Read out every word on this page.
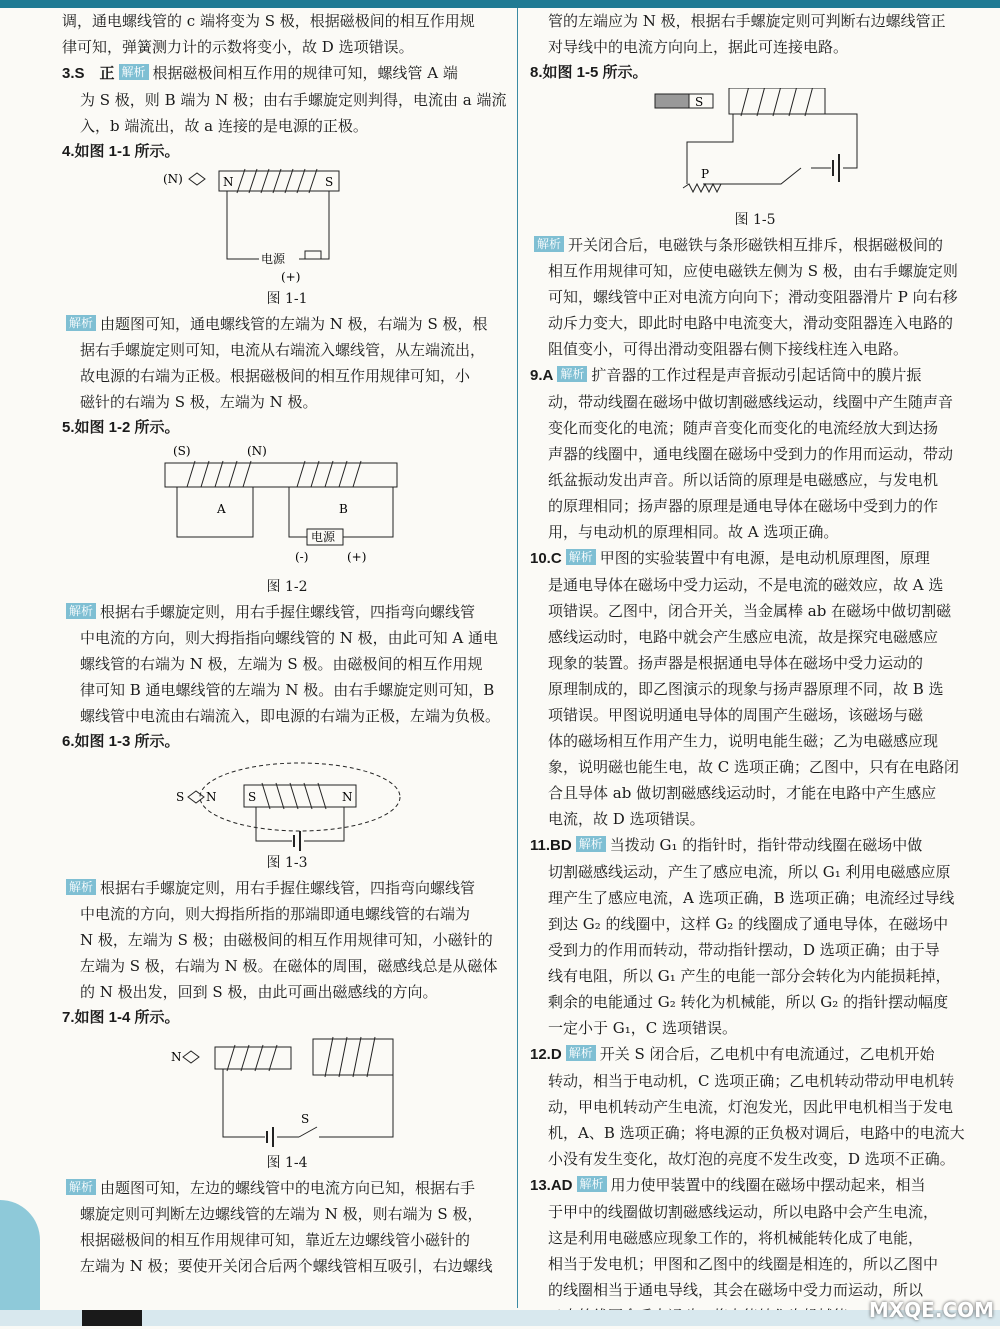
调，通电螺线管的 c 端将变为 S 极，根据磁极间的相互作用规

律可知，弹簧测力计的示数将变小，故 D 选项错误。

3.S　正 解析 根据磁极间相互作用的规律可知，螺线管 A 端

为 S 极，则 B 端为 N 极；由右手螺旋定则判得，电流由 a 端流

入，b 端流出，故 a 连接的是电源的正极。

4.如图 1-1 所示。

(N)	N	S
电源
(+)

图 1-1

解析 由题图可知，通电螺线管的左端为 N 极，右端为 S 极，根

据右手螺旋定则可知，电流从右端流入螺线管，从左端流出，

故电源的右端为正极。根据磁极间的相互作用规律可知，小

磁针的右端为 S 极，左端为 N 极。

5.如图 1-2 所示。

(S)	(N)
A	B
电源
(-)	(+)

图 1-2

解析 根据右手螺旋定则，用右手握住螺线管，四指弯向螺线管

中电流的方向，则大拇指指向螺线管的 N 极，由此可知 A 通电

螺线管的右端为 N 极，左端为 S 极。由磁极间的相互作用规

律可知 B 通电螺线管的左端为 N 极。由右手螺旋定则可知，B

螺线管中电流由右端流入，即电源的右端为正极，左端为负极。

6.如图 1-3 所示。

S N	S	N

图 1-3

解析 根据右手螺旋定则，用右手握住螺线管，四指弯向螺线管

中电流的方向，则大拇指所指的那端即通电螺线管的右端为

N 极，左端为 S 极；由磁极间的相互作用规律可知，小磁针的

左端为 S 极，右端为 N 极。在磁体的周围，磁感线总是从磁体

的 N 极出发，回到 S 极，由此可画出磁感线的方向。

7.如图 1-4 所示。

N
S

图 1-4

解析 由题图可知，左边的螺线管中的电流方向已知，根据右手

螺旋定则可判断左边螺线管的左端为 N 极，则右端为 S 极，

根据磁极间的相互作用规律可知，靠近左边螺线管小磁针的

左端为 N 极；要使开关闭合后两个螺线管相互吸引，右边螺线

管的左端应为 N 极，根据右手螺旋定则可判断右边螺线管正

对导线中的电流方向向上，据此可连接电路。

8.如图 1-5 所示。

S
P

图 1-5

解析 开关闭合后，电磁铁与条形磁铁相互排斥，根据磁极间的

相互作用规律可知，应使电磁铁左侧为 S 极，由右手螺旋定则

可知，螺线管中正对电流方向向下；滑动变阻器滑片 P 向右移

动斥力变大，即此时电路中电流变大，滑动变阻器连入电路的

阻值变小，可得出滑动变阻器右侧下接线柱连入电路。

9.A 解析 扩音器的工作过程是声音振动引起话筒中的膜片振

动，带动线圈在磁场中做切割磁感线运动，线圈中产生随声音

变化而变化的电流；随声音变化而变化的电流经放大到达扬

声器的线圈中，通电线圈在磁场中受到力的作用而运动，带动

纸盆振动发出声音。所以话筒的原理是电磁感应，与发电机

的原理相同；扬声器的原理是通电导体在磁场中受到力的作

用，与电动机的原理相同。故 A 选项正确。

10.C 解析 甲图的实验装置中有电源，是电动机原理图，原理

是通电导体在磁场中受力运动，不是电流的磁效应，故 A 选

项错误。乙图中，闭合开关，当金属棒 ab 在磁场中做切割磁

感线运动时，电路中就会产生感应电流，故是探究电磁感应

现象的装置。扬声器是根据通电导体在磁场中受力运动的

原理制成的，即乙图演示的现象与扬声器原理不同，故 B 选

项错误。甲图说明通电导体的周围产生磁场，该磁场与磁

体的磁场相互作用产生力，说明电能生磁；乙为电磁感应现

象，说明磁也能生电，故 C 选项正确；乙图中，只有在电路闭

合且导体 ab 做切割磁感线运动时，才能在电路中产生感应

电流，故 D 选项错误。

11.BD 解析 当拨动 G₁ 的指针时，指针带动线圈在磁场中做

切割磁感线运动，产生了感应电流，所以 G₁ 利用电磁感应原

理产生了感应电流，A 选项正确，B 选项正确；电流经过导线

到达 G₂ 的线圈中，这样 G₂ 的线圈成了通电导体，在磁场中

受到力的作用而转动，带动指针摆动，D 选项正确；由于导

线有电阻，所以 G₁ 产生的电能一部分会转化为内能损耗掉，

剩余的电能通过 G₂ 转化为机械能，所以 G₂ 的指针摆动幅度

一定小于 G₁，C 选项错误。

12.D 解析 开关 S 闭合后，乙电机中有电流通过，乙电机开始

转动，相当于电动机，C 选项正确；乙电机转动带动甲电机转

动，甲电机转动产生电流，灯泡发光，因此甲电机相当于发电

机，A、B 选项正确；将电源的正负极对调后，电路中的电流大

小没有发生变化，故灯泡的亮度不发生改变，D 选项不正确。

13.AD 解析 用力使甲装置中的线圈在磁场中摆动起来，相当

于甲中的线圈做切割磁感线运动，所以电路中会产生电流，

这是利用电磁感应现象工作的，将机械能转化成了电能，

相当于发电机；甲图和乙图中的线圈是相连的，所以乙图中

的线圈相当于通电导线，其会在磁场中受力而运动，所以

MXQE.COM
